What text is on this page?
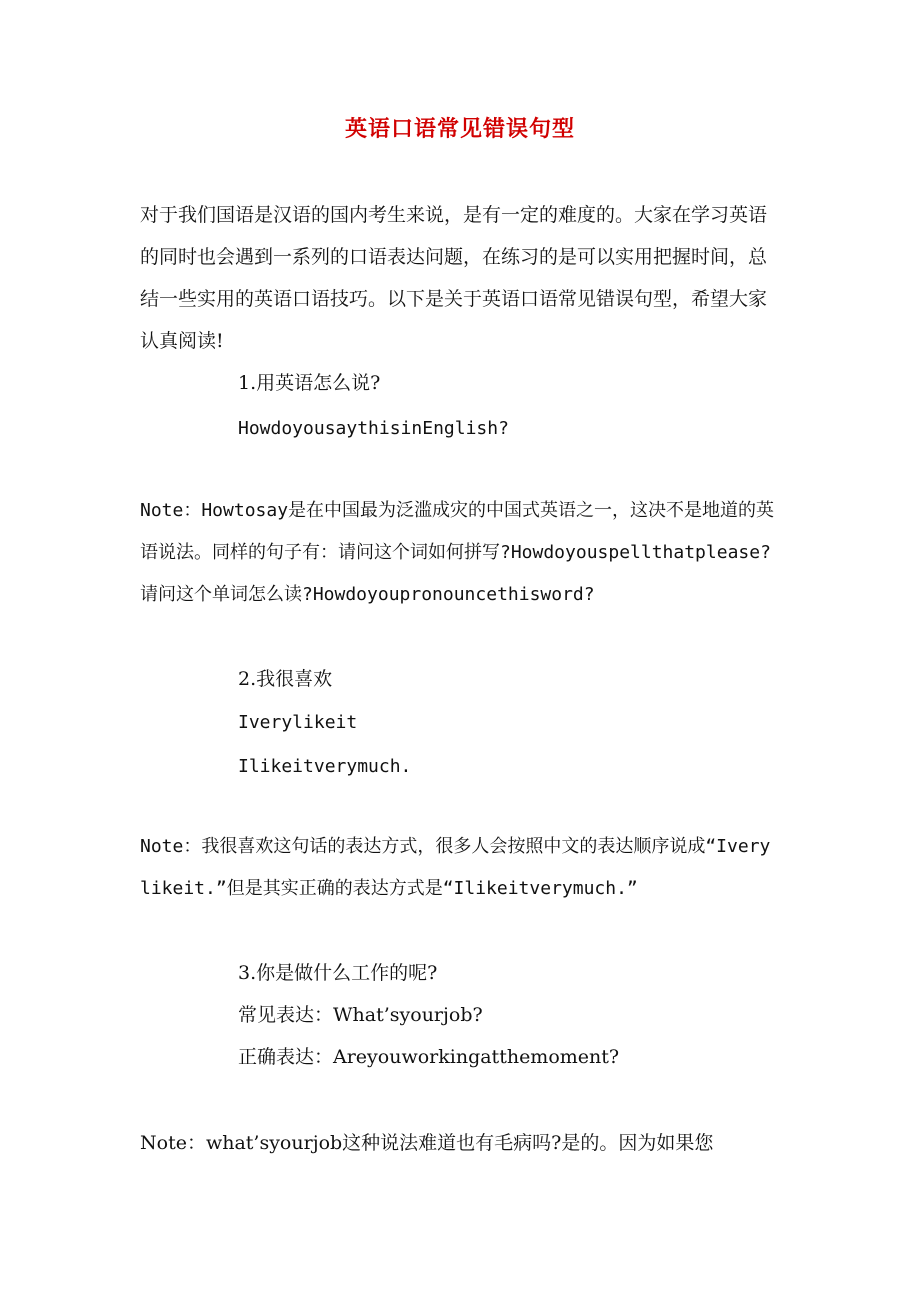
英语口语常见错误句型
对于我们国语是汉语的国内考生来说，是有一定的难度的。大家在学习英语的同时也会遇到一系列的口语表达问题，在练习的是可以实用把握时间，总结一些实用的英语口语技巧。以下是关于英语口语常见错误句型，希望大家认真阅读!
1.用英语怎么说?
HowdoyousaythisinEnglish?
Note：Howtosay是在中国最为泛滥成灾的中国式英语之一，这决不是地道的英语说法。同样的句子有：请问这个词如何拼写?Howdoyouspellthatplease?请问这个单词怎么读?Howdoyoupronouncethisword?
2.我很喜欢
Iverylikeit
Ilikeitverymuch.
Note：我很喜欢这句话的表达方式，很多人会按照中文的表达顺序说成“Iverylikeit.”但是其实正确的表达方式是“Ilikeitverymuch.”
3.你是做什么工作的呢?
常见表达：What’syourjob?
正确表达：Areyouworkingatthemoment?
Note：what’syourjob这种说法难道也有毛病吗?是的。因为如果您
